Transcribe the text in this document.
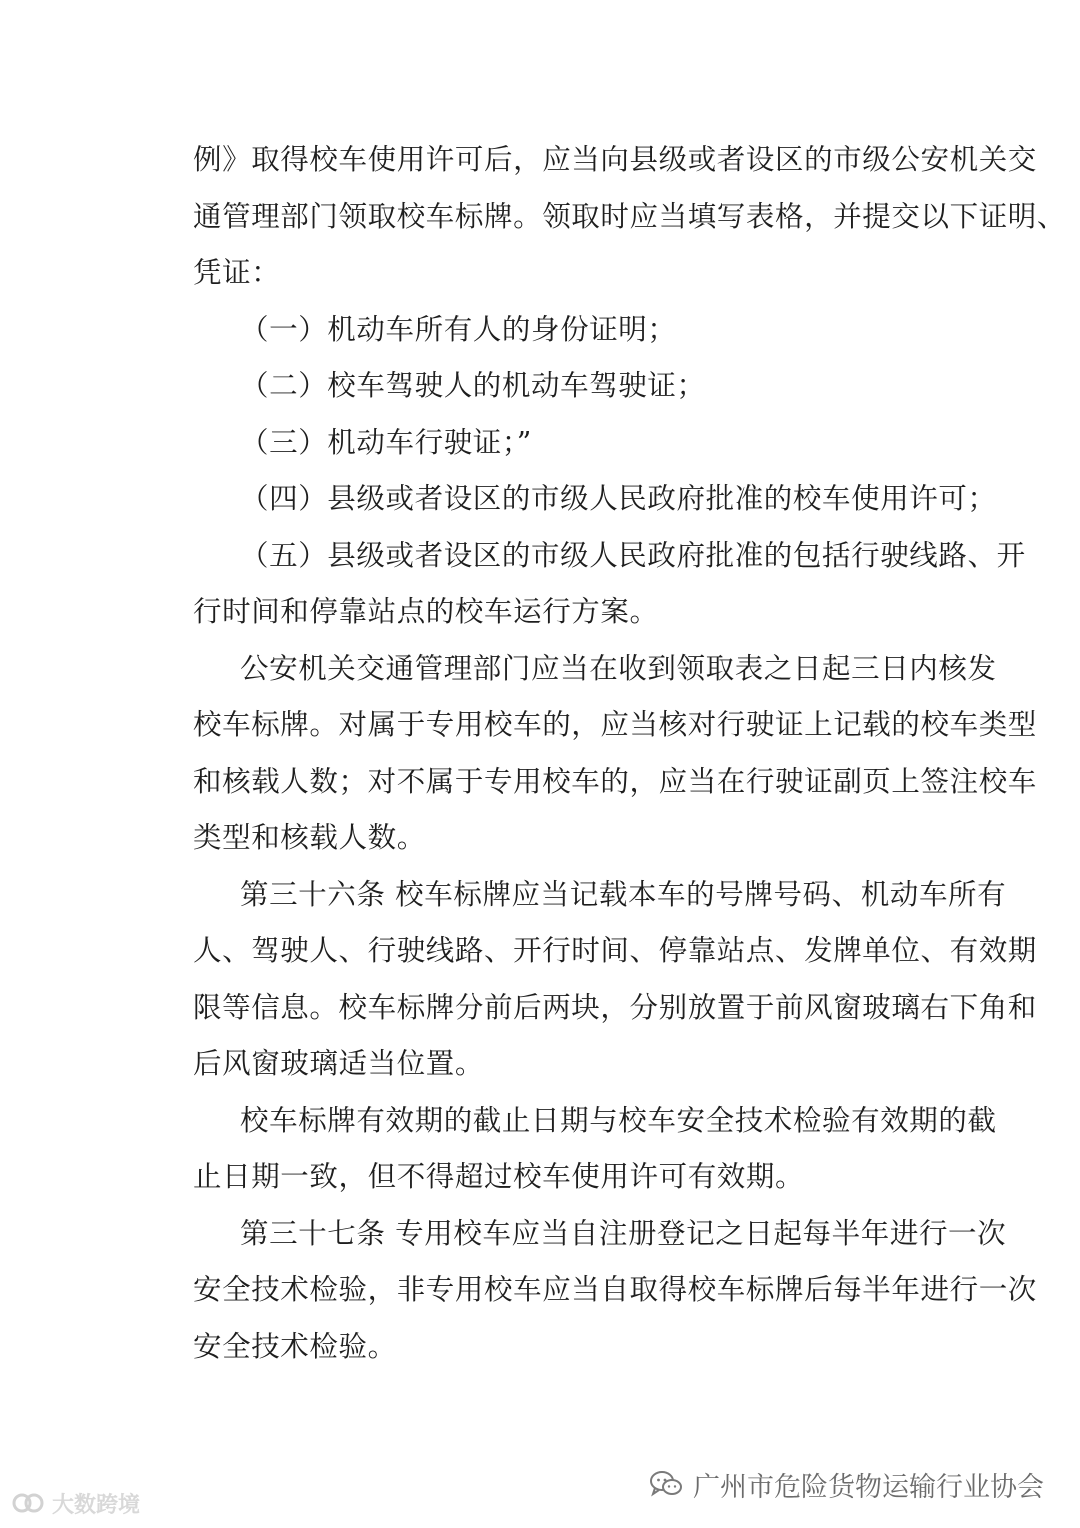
例》取得校车使用许可后，应当向县级或者设区的市级公安机关交
通管理部门领取校车标牌。领取时应当填写表格，并提交以下证明、
凭证：
（一）机动车所有人的身份证明；
（二）校车驾驶人的机动车驾驶证；
（三）机动车行驶证；”
（四）县级或者设区的市级人民政府批准的校车使用许可；
（五）县级或者设区的市级人民政府批准的包括行驶线路、开
行时间和停靠站点的校车运行方案。
公安机关交通管理部门应当在收到领取表之日起三日内核发
校车标牌。对属于专用校车的，应当核对行驶证上记载的校车类型
和核载人数；对不属于专用校车的，应当在行驶证副页上签注校车
类型和核载人数。
第三十六条 校车标牌应当记载本车的号牌号码、机动车所有
人、驾驶人、行驶线路、开行时间、停靠站点、发牌单位、有效期
限等信息。校车标牌分前后两块，分别放置于前风窗玻璃右下角和
后风窗玻璃适当位置。
校车标牌有效期的截止日期与校车安全技术检验有效期的截
止日期一致，但不得超过校车使用许可有效期。
第三十七条 专用校车应当自注册登记之日起每半年进行一次
安全技术检验，非专用校车应当自取得校车标牌后每半年进行一次
安全技术检验。
广州市危险货物运输行业协会
大数跨境
